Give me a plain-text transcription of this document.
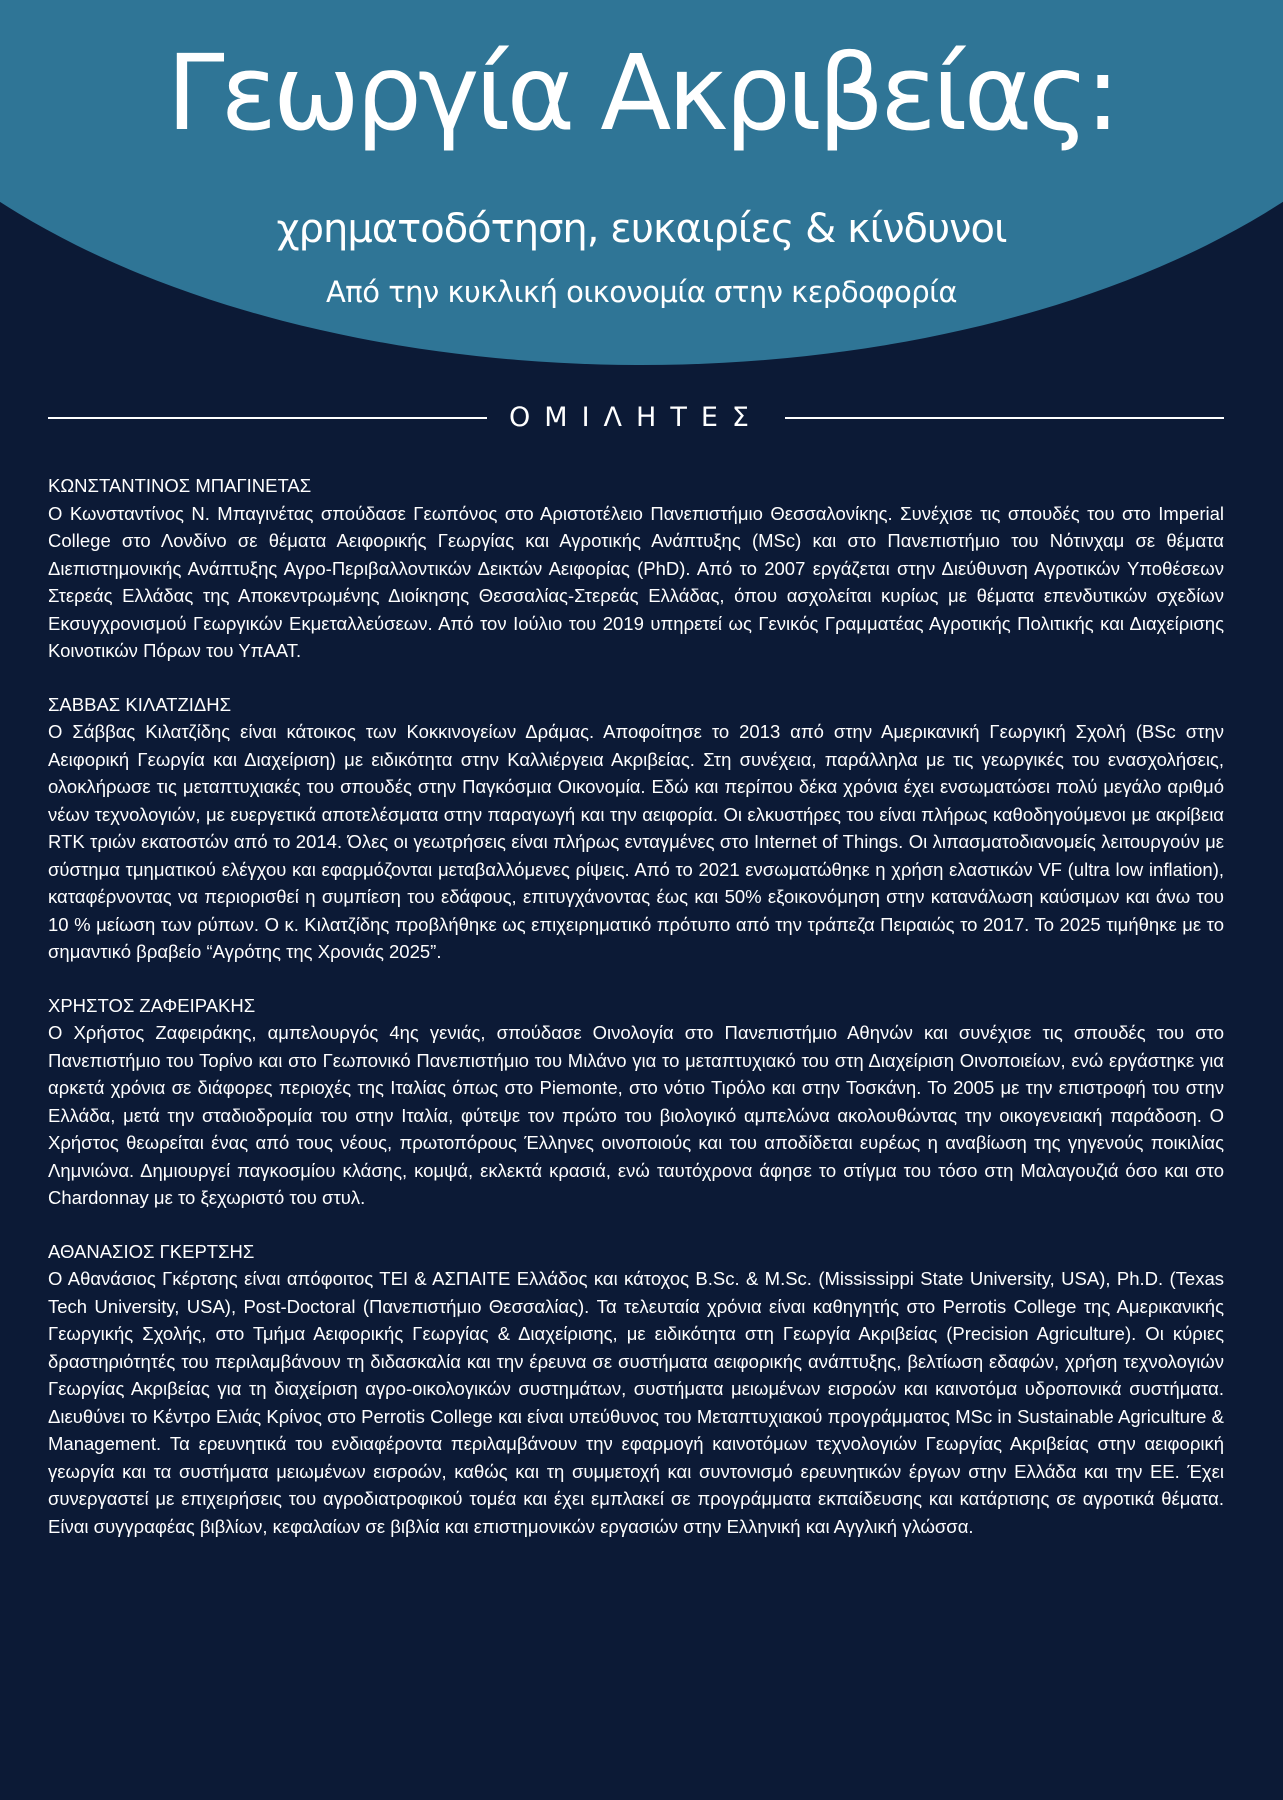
Γεωργία Ακριβείας:
χρηματοδότηση, ευκαιρίες & κίνδυνοι
Από την κυκλική οικονομία στην κερδοφορία
ΟΜΙΛΗΤΕΣ
ΚΩΝΣΤΑΝΤΙΝΟΣ ΜΠΑΓΙΝΕΤΑΣ

Ο Κωνσταντίνος Ν. Μπαγινέτας σπούδασε Γεωπόνος στο Αριστοτέλειο Πανεπιστήμιο Θεσσαλονίκης. Συνέχισε τις σπουδές του στο Imperial College στο Λονδίνο σε θέματα Αειφορικής Γεωργίας και Αγροτικής Ανάπτυξης (MSc) και στο Πανεπιστήμιο του Νότινχαμ σε θέματα Διεπιστημονικής Ανάπτυξης Αγρο-Περιβαλλοντικών Δεικτών Αειφορίας (PhD). Από το 2007 εργάζεται στην Διεύθυνση Αγροτικών Υποθέσεων Στερεάς Ελλάδας της Αποκεντρωμένης Διοίκησης Θεσσαλίας-Στερεάς Ελλάδας, όπου ασχολείται κυρίως με θέματα επενδυτικών σχεδίων Εκσυγχρονισμού Γεωργικών Εκμεταλλεύσεων. Από τον Ιούλιο του 2019 υπηρετεί ως Γενικός Γραμματέας Αγροτικής Πολιτικής και Διαχείρισης Κοινοτικών Πόρων του ΥπΑΑΤ.

ΣΑΒΒΑΣ ΚΙΛΑΤΖΙΔΗΣ

Ο Σάββας Κιλατζίδης είναι κάτοικος των Κοκκινογείων Δράμας. Αποφοίτησε το 2013 από στην Αμερικανική Γεωργική Σχολή (BSc στην Αειφορική Γεωργία και Διαχείριση) με ειδικότητα στην Καλλιέργεια Ακριβείας. Στη συνέχεια, παράλληλα με τις γεωργικές του ενασχολήσεις, ολοκλήρωσε τις μεταπτυχιακές του σπουδές στην Παγκόσμια Οικονομία. Εδώ και περίπου δέκα χρόνια έχει ενσωματώσει πολύ μεγάλο αριθμό νέων τεχνολογιών, με ευεργετικά αποτελέσματα στην παραγωγή και την αειφορία. Οι ελκυστήρες του είναι πλήρως καθοδηγούμενοι με ακρίβεια RTK τριών εκατοστών από το 2014. Όλες οι γεωτρήσεις είναι πλήρως ενταγμένες στο Internet of Things. Οι λιπασματοδιανομείς λειτουργούν με σύστημα τμηματικού ελέγχου και εφαρμόζονται μεταβαλλόμενες ρίψεις. Από το 2021 ενσωματώθηκε η χρήση ελαστικών VF (ultra low inflation), καταφέρνοντας να περιορισθεί η συμπίεση του εδάφους, επιτυγχάνοντας έως και 50% εξοικονόμηση στην κατανάλωση καύσιμων και άνω του 10 % μείωση των ρύπων. Ο κ. Κιλατζίδης προβλήθηκε ως επιχειρηματικό πρότυπο από την τράπεζα Πειραιώς το 2017. Το 2025 τιμήθηκε με το σημαντικό βραβείο “Αγρότης της Χρονιάς 2025”.

ΧΡΗΣΤΟΣ ΖΑΦΕΙΡΑΚΗΣ

Ο Χρήστος Ζαφειράκης, αμπελουργός 4ης γενιάς, σπούδασε Οινολογία στο Πανεπιστήμιο Αθηνών και συνέχισε τις σπουδές του στο Πανεπιστήμιο του Τορίνο και στο Γεωπονικό Πανεπιστήμιο του Μιλάνο για το μεταπτυχιακό του στη Διαχείριση Οινοποιείων, ενώ εργάστηκε για αρκετά χρόνια σε διάφορες περιοχές της Ιταλίας όπως στο Piemonte, στο νότιο Τιρόλο και στην Τοσκάνη. Το 2005 με την επιστροφή του στην Ελλάδα, μετά την σταδιοδρομία του στην Ιταλία, φύτεψε τον πρώτο του βιολογικό αμπελώνα ακολουθώντας την οικογενειακή παράδοση. Ο Χρήστος θεωρείται ένας από τους νέους, πρωτοπόρους Έλληνες οινοποιούς και του αποδίδεται ευρέως η αναβίωση της γηγενούς ποικιλίας Λημνιώνα. Δημιουργεί παγκοσμίου κλάσης, κομψά, εκλεκτά κρασιά, ενώ ταυτόχρονα άφησε το στίγμα του τόσο στη Μαλαγουζιά όσο και στο Chardonnay με το ξεχωριστό του στυλ.

ΑΘΑΝΑΣΙΟΣ ΓΚΕΡΤΣΗΣ

Ο Αθανάσιος Γκέρτσης είναι απόφοιτος ΤΕΙ & ΑΣΠΑΙΤΕ Ελλάδος και κάτοχος B.Sc. & M.Sc. (Mississippi State University, USA), Ph.D. (Texas Tech University, USA), Post-Doctoral (Πανεπιστήμιο Θεσσαλίας). Τα τελευταία χρόνια είναι καθηγητής στο Perrotis College της Αμερικανικής Γεωργικής Σχολής, στο Τμήμα Αειφορικής Γεωργίας & Διαχείρισης, με ειδικότητα στη Γεωργία Ακριβείας (Precision Agriculture). Οι κύριες δραστηριότητές του περιλαμβάνουν τη διδασκαλία και την έρευνα σε συστήματα αειφορικής ανάπτυξης, βελτίωση εδαφών, χρήση τεχνολογιών Γεωργίας Ακριβείας για τη διαχείριση αγρο-οικολογικών συστημάτων, συστήματα μειωμένων εισροών και καινοτόμα υδροπονικά συστήματα. Διευθύνει το Κέντρο Ελιάς Κρίνος στο Perrotis College και είναι υπεύθυνος του Μεταπτυχιακού προγράμματος MSc in Sustainable Agriculture & Management. Τα ερευνητικά του ενδιαφέροντα περιλαμβάνουν την εφαρμογή καινοτόμων τεχνολογιών Γεωργίας Ακριβείας στην αειφορική γεωργία και τα συστήματα μειωμένων εισροών, καθώς και τη συμμετοχή και συντονισμό ερευνητικών έργων στην Ελλάδα και την ΕΕ. Έχει συνεργαστεί με επιχειρήσεις του αγροδιατροφικού τομέα και έχει εμπλακεί σε προγράμματα εκπαίδευσης και κατάρτισης σε αγροτικά θέματα. Είναι συγγραφέας βιβλίων, κεφαλαίων σε βιβλία και επιστημονικών εργασιών στην Ελληνική και Αγγλική γλώσσα.
